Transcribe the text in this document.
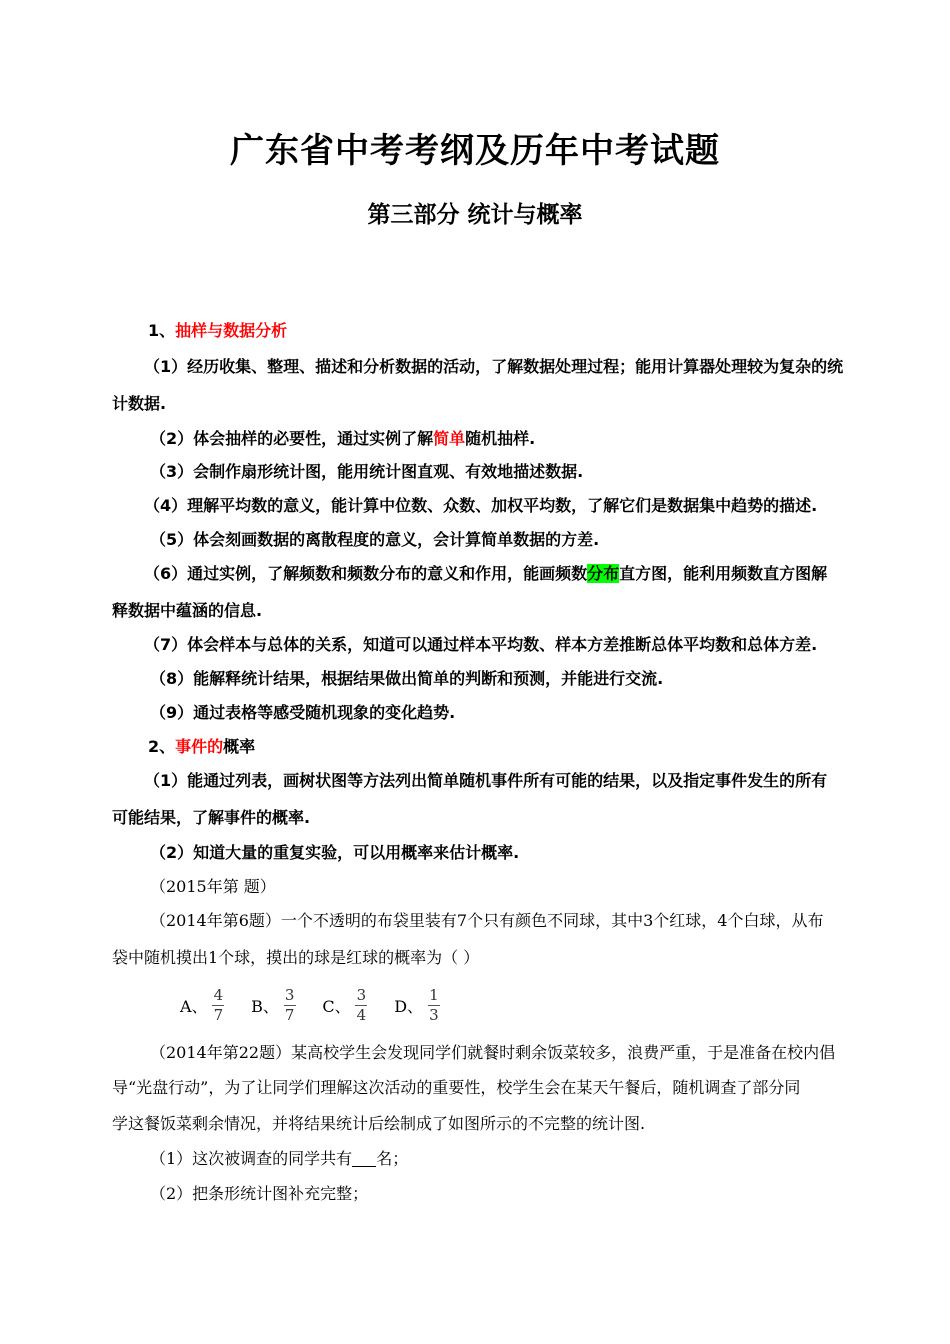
广东省中考考纲及历年中考试题
第三部分 统计与概率
1、抽样与数据分析
（1）经历收集、整理、描述和分析数据的活动，了解数据处理过程；能用计算器处理较为复杂的统
计数据.
（2）体会抽样的必要性，通过实例了解简单随机抽样.
（3）会制作扇形统计图，能用统计图直观、有效地描述数据.
（4）理解平均数的意义，能计算中位数、众数、加权平均数，了解它们是数据集中趋势的描述.
（5）体会刻画数据的离散程度的意义，会计算简单数据的方差.
（6）通过实例，了解频数和频数分布的意义和作用，能画频数分布直方图，能利用频数直方图解
释数据中蕴涵的信息.
（7）体会样本与总体的关系，知道可以通过样本平均数、样本方差推断总体平均数和总体方差.
（8）能解释统计结果，根据结果做出简单的判断和预测，并能进行交流.
（9）通过表格等感受随机现象的变化趋势.
2、事件的概率
（1）能通过列表，画树状图等方法列出简单随机事件所有可能的结果，以及指定事件发生的所有
可能结果，了解事件的概率.
（2）知道大量的重复实验，可以用概率来估计概率.
（2015年第 题）
（2014年第6题）一个不透明的布袋里装有7个只有颜色不同球，其中3个红球，4个白球，从布
袋中随机摸出1个球，摸出的球是红球的概率为（ ）
A、 $\frac{4}{7}$ B、 $\frac{3}{7}$ C、 $\frac{3}{4}$ D、 $\frac{1}{3}$
（2014年第22题）某高校学生会发现同学们就餐时剩余饭菜较多，浪费严重，于是准备在校内倡
导“光盘行动”，为了让同学们理解这次活动的重要性，校学生会在某天午餐后，随机调查了部分同
学这餐饭菜剩余情况，并将结果统计后绘制成了如图所示的不完整的统计图.
（1）这次被调查的同学共有 名；
（2）把条形统计图补充完整；
